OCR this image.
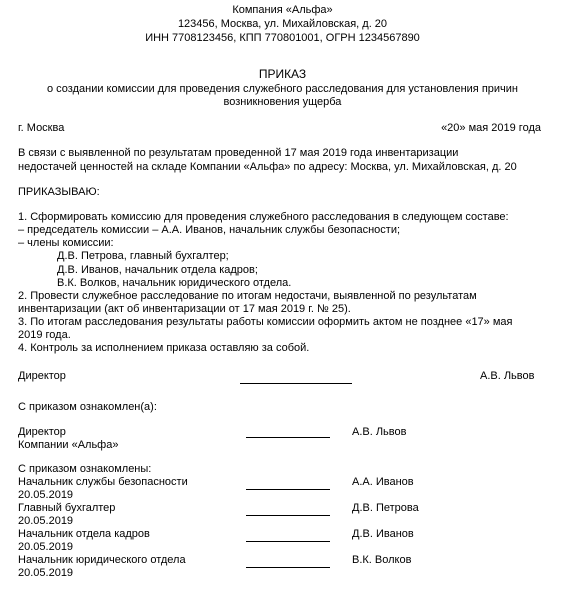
Компания «Альфа»
123456, Москва, ул. Михайловская, д. 20
ИНН 7708123456, КПП 770801001, ОГРН 1234567890
ПРИКАЗ
о создании комиссии для проведения служебного расследования для установления причин
возникновения ущерба
г. Москва	«20» мая 2019 года
В связи с выявленной по результатам проведенной 17 мая 2019 года инвентаризации
недостачей ценностей на складе Компании «Альфа» по адресу: Москва, ул. Михайловская, д. 20
ПРИКАЗЫВАЮ:
1. Сформировать комиссию для проведения служебного расследования в следующем составе:
– председатель комиссии – А.А. Иванов, начальник службы безопасности;
– члены комиссии:
Д.В. Петрова, главный бухгалтер;
Д.В. Иванов, начальник отдела кадров;
В.К. Волков, начальник юридического отдела.
2. Провести служебное расследование по итогам недостачи, выявленной по результатам
инвентаризации (акт об инвентаризации от 17 мая 2019 г. № 25).
3. По итогам расследования результаты работы комиссии оформить актом не позднее «17» мая
2019 года.
4. Контроль за исполнением приказа оставляю за собой.
Директор	А.В. Львов
С приказом ознакомлен(а):
Директор
Компании «Альфа»
А.В. Львов
С приказом ознакомлены:
Начальник службы безопасности
20.05.2019
А.А. Иванов
Главный бухгалтер
20.05.2019
Д.В. Петрова
Начальник отдела кадров
20.05.2019
Д.В. Иванов
Начальник юридического отдела
20.05.2019
В.К. Волков
